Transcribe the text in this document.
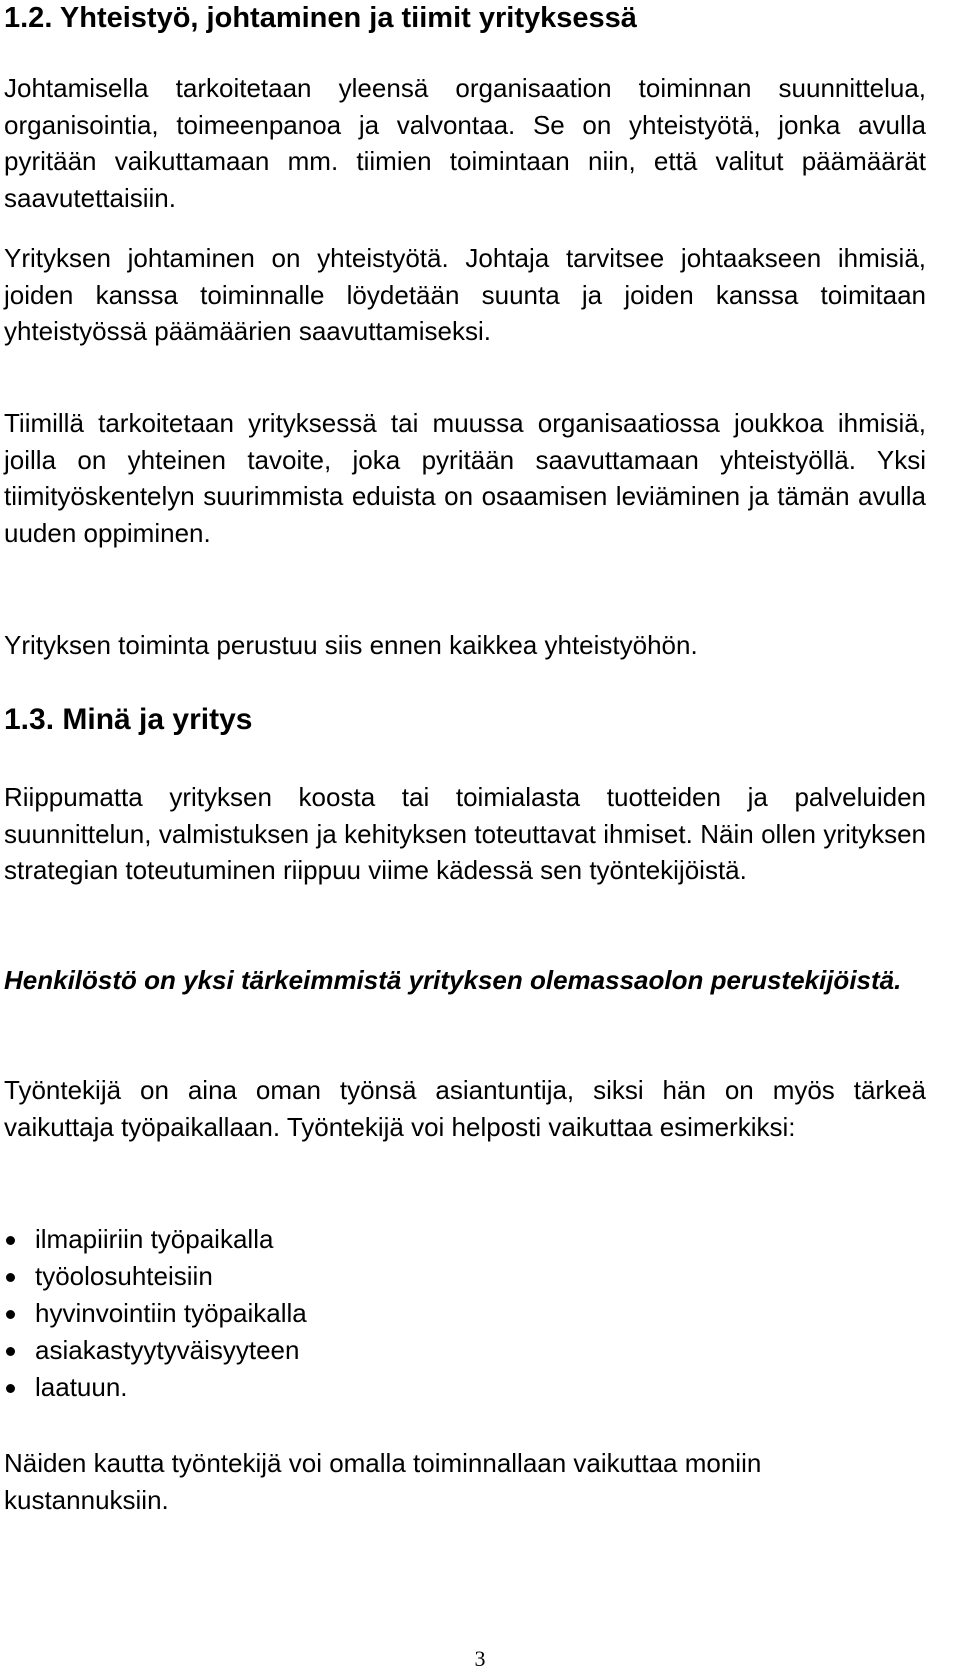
1.2. Yhteistyö, johtaminen ja tiimit yrityksessä

Johtamisella tarkoitetaan yleensä organisaation toiminnan suunnittelua, organisointia, toimeenpanoa ja valvontaa. Se on yhteistyötä, jonka avulla pyritään vaikuttamaan mm. tiimien toimintaan niin, että valitut päämäärät saavutettaisiin.

Yrityksen johtaminen on yhteistyötä. Johtaja tarvitsee johtaakseen ihmisiä, joiden kanssa toiminnalle löydetään suunta ja joiden kanssa toimitaan yhteistyössä päämäärien saavuttamiseksi.

Tiimillä tarkoitetaan yrityksessä tai muussa organisaatiossa joukkoa ihmisiä, joilla on yhteinen tavoite, joka pyritään saavuttamaan yhteistyöllä. Yksi tiimityöskentelyn suurimmista eduista on osaamisen leviäminen ja tämän avulla uuden oppiminen.

Yrityksen toiminta perustuu siis ennen kaikkea yhteistyöhön.

1.3. Minä ja yritys

Riippumatta yrityksen koosta tai toimialasta tuotteiden ja palveluiden suunnittelun, valmistuksen ja kehityksen toteuttavat ihmiset. Näin ollen yrityksen strategian toteutuminen riippuu viime kädessä sen työntekijöistä.

Henkilöstö on yksi tärkeimmistä yrityksen olemassaolon perustekijöistä.

Työntekijä on aina oman työnsä asiantuntija, siksi hän on myös tärkeä vaikuttaja työpaikallaan. Työntekijä voi helposti vaikuttaa esimerkiksi:

ilmapiiriin työpaikalla
työolosuhteisiin
hyvinvointiin työpaikalla
asiakastyytyväisyyteen
laatuun.

Näiden kautta työntekijä voi omalla toiminnallaan vaikuttaa moniin kustannuksiin.

3
